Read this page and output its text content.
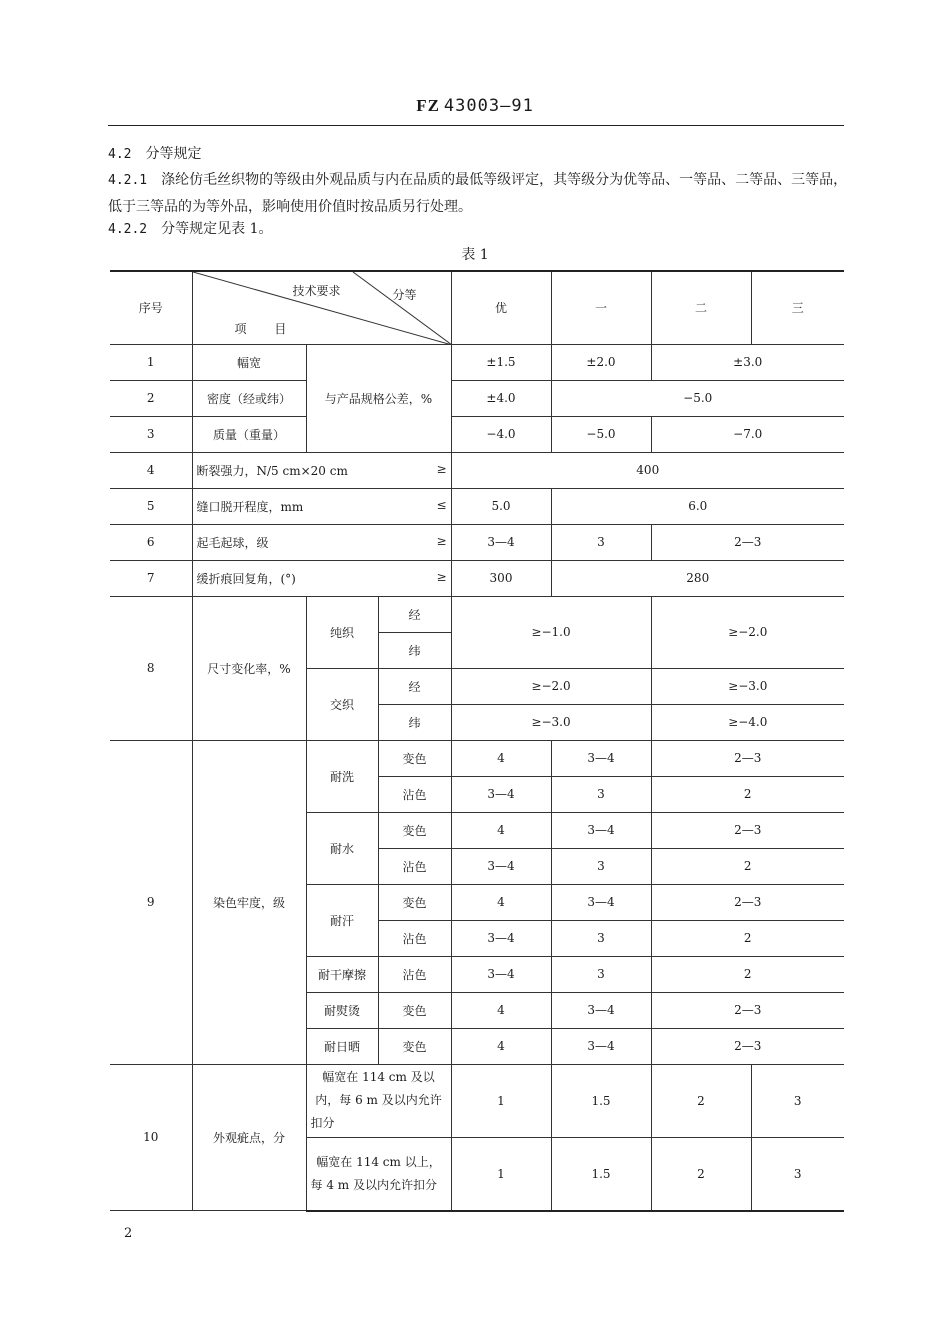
FZ 43003—91
4.2 分等规定
4.2.1 涤纶仿毛丝织物的等级由外观品质与内在品质的最低等级评定，其等级分为优等品、一等品、二等品、三等品，低于三等品的为等外品，影响使用价值时按品质另行处理。
4.2.2 分等规定见表 1。
表 1
序号	技术要求 分等
项 目			优	一	二	三
1	幅宽	与产品规格公差，%		±1.5	±2.0	±3.0	
2	密度（经或纬）			±4.0	−5.0		
3	质量（重量）			−4.0	−5.0	−7.0	
4	断裂强力，N/5 cm×20 cm ≥			400			
5	缝口脱开程度，mm ≤			5.0	6.0		
6	起毛起球，级 ≥			3—4	3	2—3	
7	缓折痕回复角，(°) ≥			300	280		
8	尺寸变化率，%	纯织	经	≥−1.0		≥−2.0	
			纬				
		交织	经	≥−2.0		≥−3.0	
			纬	≥−3.0		≥−4.0	
9	染色牢度，级	耐洗	变色	4	3—4	2—3	
			沾色	3—4	3	2	
		耐水	变色	4	3—4	2—3	
			沾色	3—4	3	2	
		耐汗	变色	4	3—4	2—3	
			沾色	3—4	3	2	
		耐干摩擦	沾色	3—4	3	2	
		耐熨烫	变色	4	3—4	2—3	
		耐日晒	变色	4	3—4	2—3	
10	外观疵点，分	幅宽在 114 cm 及以内，每 6 m 及以内允许扣分		1	1.5	2	3
		幅宽在 114 cm 以上，每 4 m 及以内允许扣分		1	1.5	2	3
2
